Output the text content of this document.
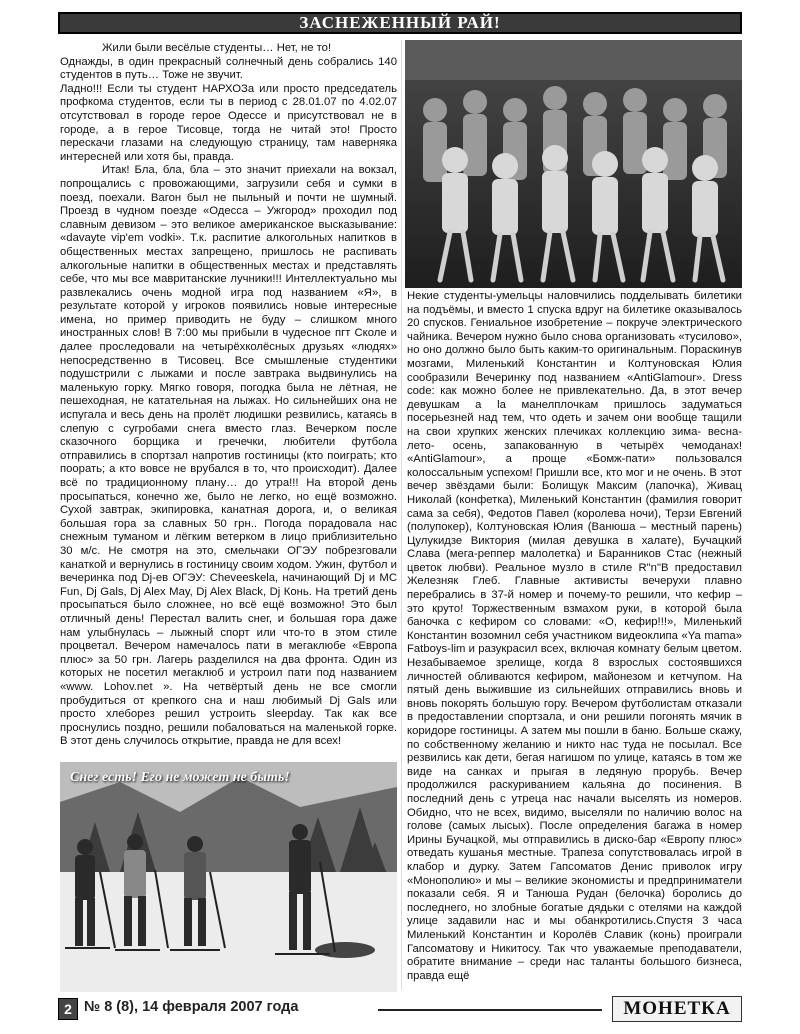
ЗАСНЕЖЕННЫЙ РАЙ!

Жили были весёлые студенты… Нет, не то!

Однажды, в один прекрасный солнечный день собрались 140 студентов в путь… Тоже не звучит.

Ладно!!! Если ты студент НАРХОЗа или просто председатель профкома студентов, если ты в период с 28.01.07 по 4.02.07 отсутствовал в городе герое Одессе и присутствовал не в городе, а в герое Тисовце, тогда не читай это! Просто перескачи глазами на следующую страницу, там наверняка интересней или хотя бы, правда.

Итак! Бла, бла, бла – это значит приехали на вокзал, попрощались с провожающими, загрузили себя и сумки в поезд, поехали. Вагон был не пыльный и почти не шумный. Проезд в чудном поезде «Одесса – Ужгород» проходил под славным девизом – это великое американское высказывание: «davayte vip'em vodki». Т.к. распитие алкогольных напитков в общественных местах запрещено, пришлось не распивать алкогольные напитки в общественных местах и представлять себе, что мы все мавританские лучники!!! Интеллектуально мы развлекались очень модной игра под названием «Я», в результате которой у игроков появились новые интересные имена, но пример приводить не буду – слишком много иностранных слов! В 7:00 мы прибыли в чудесное пгт Сколе и далее проследовали на четырёхколёсных друзьях «людях» непосредственно в Тисовец. Все смышленые студентики подушстрили с лыжами и после завтрака выдвинулись на маленькую горку. Мягко говоря, погодка была не лётная, не пешеходная, не катательная на лыжах. Но сильнейших она не испугала и весь день на пролёт людишки резвились, катаясь в слепую с сугробами снега вместо глаз. Вечерком после сказочного борщика и гречечки, любители футбола отправились в спортзал напротив гостиницы (кто поиграть; кто поорать; а кто вовсе не врубался в то, что происходит). Далее всё по традиционному плану… до утра!!! На второй день просыпаться, конечно же, было не легко, но ещё возможно. Сухой завтрак, экипировка, канатная дорога, и, о великая большая гора за славных 50 грн.. Погода порадовала нас снежным туманом и лёгким ветерком в лицо приблизительно 30 м/с. Не смотря на это, смельчаки ОГЭУ побрезговали канаткой и вернулись в гостиницу своим ходом. Ужин, футбол и вечеринка под Dj-ев ОГЭУ: Cheveeskela, начинающий Dj и MC Fun, Dj Gals, Dj Alex May, Dj Alex Black, Dj Конь. На третий день просыпаться было сложнее, но всё ещё возможно! Это был отличный день! Перестал валить снег, и большая гора даже нам улыбнулась – лыжный спорт или что-то в этом стиле процветал. Вечером намечалось пати в мегаклюбе «Европа плюс» за 50 грн. Лагерь разделился на два фронта. Один из которых не посетил мегаклюб и устроил пати под названием «www. Lohov.net ». На четвёртый день не все смогли пробудиться от крепкого сна и наш любимый Dj Gals или просто хлеборез решил устроить sleepday. Так как все проснулись поздно, решили побаловаться на маленькой горке. В этот день случилось открытие, правда не для всех!

Некие студенты-умельцы наловчились подделывать билетики на подъёмы, и вместо 1 спуска вдруг на билетике оказывалось 20 спусков. Гениальное изобретение – покруче электрического чайника. Вечером нужно было снова организовать «тусилово», но оно должно было быть каким-то оригинальным. Пораскинув мозгами, Миленький Константин и Колтуновская Юлия сообразили Вечеринку под названием «AntiGlamour». Dress code: как можно более не привлекательно. Да, в этот вечер девушкам а la манелплочкам пришлось задуматься посерьезней над тем, что одеть и зачем они вообще тащили на свои хрупких женских плечиках коллекцию зима- весна- лето- осень, запакованную в четырёх чемоданах! «AntiGlamour», а проще «Бомж-пати» пользовался колоссальным успехом! Пришли все, кто мог и не очень. В этот вечер звёздами были: Болищук Максим (лапочка), Живац Николай (конфетка), Миленький Константин (фамилия говорит сама за себя), Федотов Павел (королева ночи), Терзи Евгений (полупокер), Колтуновская Юлия (Ванюша – местный парень) Цулукидзе Виктория (милая девушка в халате), Бучацкий Слава (мега-реппер малолетка) и Баранников Стас (нежный цветок любви). Реальное музло в стиле R"n"B предоставил Железняк Глеб. Главные активисты вечеруxи плавно перебрались в 37-й номер и почему-то решили, что кефир – это круто! Торжественным взмахом руки, в которой была баночка с кефиром со словами: «О, кефир!!!», Миленький Константин возомнил себя участником видеоклипа «Ya mama» Fatboys-lim и разукрасил всех, включая комнату белым цветом. Незабываемое зрелище, когда 8 взрослых состоявшихся личностей обливаются кефиром, майонезом и кетчупом. На пятый день выжившие из сильнейших отправились вновь и вновь покорять большую гору. Вечером футболистам отказали в предоставлении спортзала, и они решили погонять мячик в коридоре гостиницы. А затем мы пошли в баню. Больше скажу, по собственному желанию и никто нас туда не посылал. Все резвились как дети, бегая нагишом по улице, катаясь в том же виде на санках и прыгая в ледяную прорубь. Вечер продолжился раскуриванием кальяна до посинения. В последний день с утреца нас начали выселять из номеров. Обидно, что не всех, видимо, выселяли по наличию волос на голове (самых лысых). После определения багажа в номер Ирины Бучацкой, мы отправились в диско-бар «Европу плюс» отведать кушанья местные. Трапеза сопутствовалась игрой в клабор и дурку. Затем Гапсоматов Денис приволок игру «Монополию» и мы – великие экономисты и предприниматели показали себя. Я и Танюша Рудан (белочка) боролись до последнего, но злобные богатые дядьки с отелями на каждой улице задавили нас и мы обанкротились.Спустя 3 часа Миленький Константин и Королёв Славик (конь) проиграли Гапсоматову и Никитосу. Так что уважаемые преподаватели, обратите внимание – среди нас таланты большого бизнеса, правда ещё

Снег есть! Его не может не быть!
2 № 8 (8), 14 февраля 2007 года	МОНЕТКА
